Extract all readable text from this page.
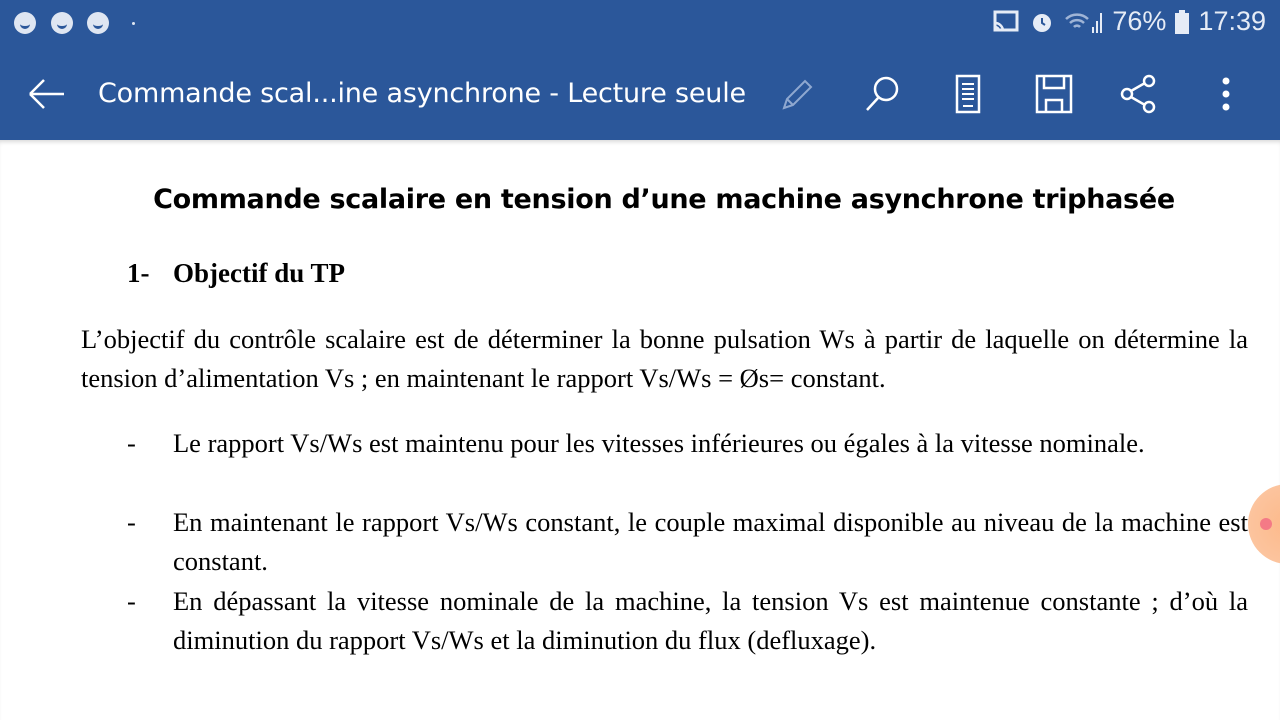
76% 17:39
Commande scal...ine asynchrone - Lecture seule
Commande scalaire en tension d’une machine asynchrone triphasée
1- Objectif du TP
L’objectif du contrôle scalaire est de déterminer la bonne pulsation Ws à partir de laquelle on détermine la tension d’alimentation Vs ; en maintenant le rapport Vs/Ws = Øs= constant.
- Le rapport Vs/Ws est maintenu pour les vitesses inférieures ou égales à la vitesse nominale.
- En maintenant le rapport Vs/Ws constant, le couple maximal disponible au niveau de la machine est constant.
- En dépassant la vitesse nominale de la machine, la tension Vs est maintenue constante ; d’où la diminution du rapport Vs/Ws et la diminution du flux (defluxage).
